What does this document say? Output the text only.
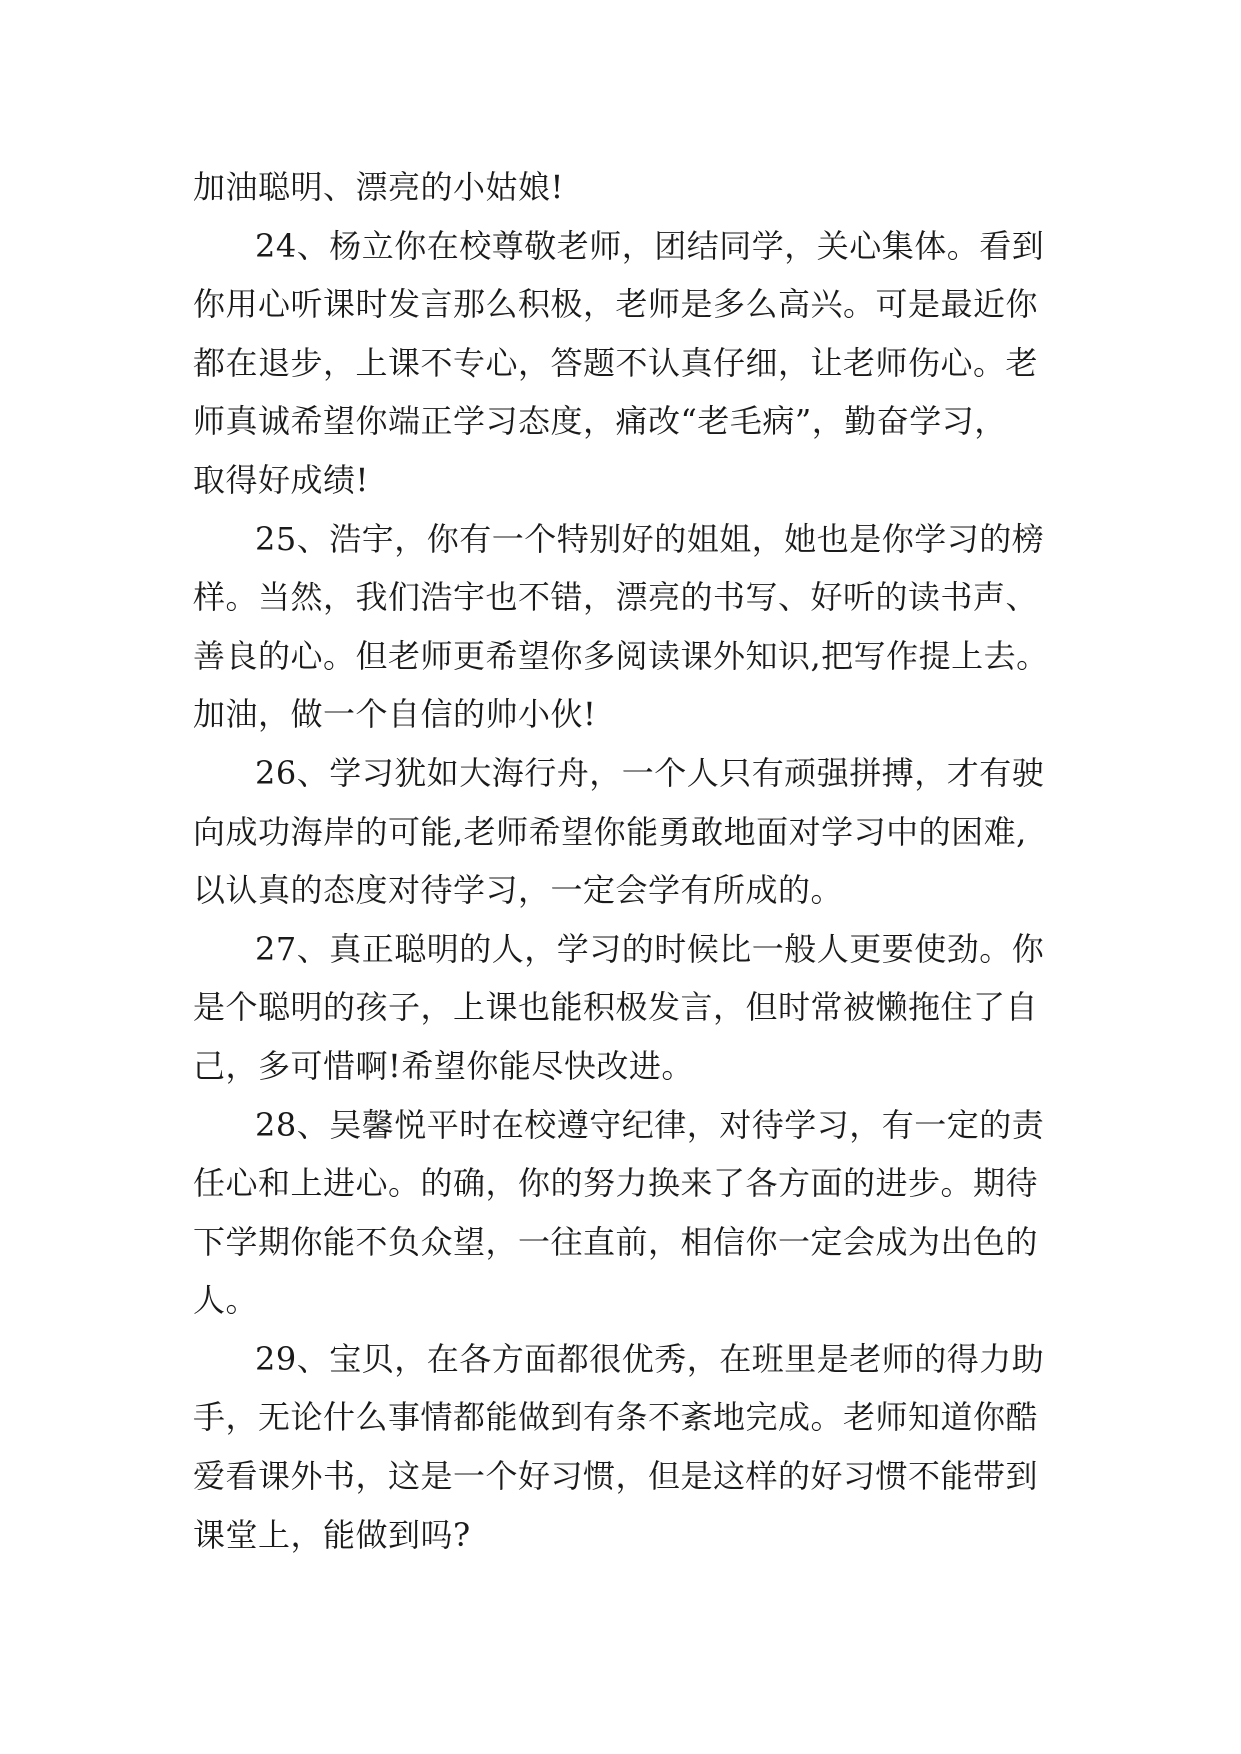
加油聪明、漂亮的小姑娘!
24、杨立你在校尊敬老师，团结同学，关心集体。看到
你用心听课时发言那么积极，老师是多么高兴。可是最近你
都在退步，上课不专心，答题不认真仔细，让老师伤心。老
师真诚希望你端正学习态度，痛改“老毛病”，勤奋学习，
取得好成绩!
25、浩宇，你有一个特别好的姐姐，她也是你学习的榜
样。当然，我们浩宇也不错，漂亮的书写、好听的读书声、
善良的心。但老师更希望你多阅读课外知识,把写作提上去。
加油，做一个自信的帅小伙!
26、学习犹如大海行舟，一个人只有顽强拼搏，才有驶
向成功海岸的可能,老师希望你能勇敢地面对学习中的困难,
以认真的态度对待学习，一定会学有所成的。
27、真正聪明的人，学习的时候比一般人更要使劲。你
是个聪明的孩子，上课也能积极发言，但时常被懒拖住了自
己，多可惜啊!希望你能尽快改进。
28、吴馨悦平时在校遵守纪律，对待学习，有一定的责
任心和上进心。的确，你的努力换来了各方面的进步。期待
下学期你能不负众望，一往直前，相信你一定会成为出色的
人。
29、宝贝，在各方面都很优秀，在班里是老师的得力助
手，无论什么事情都能做到有条不紊地完成。老师知道你酷
爱看课外书，这是一个好习惯，但是这样的好习惯不能带到
课堂上，能做到吗?
